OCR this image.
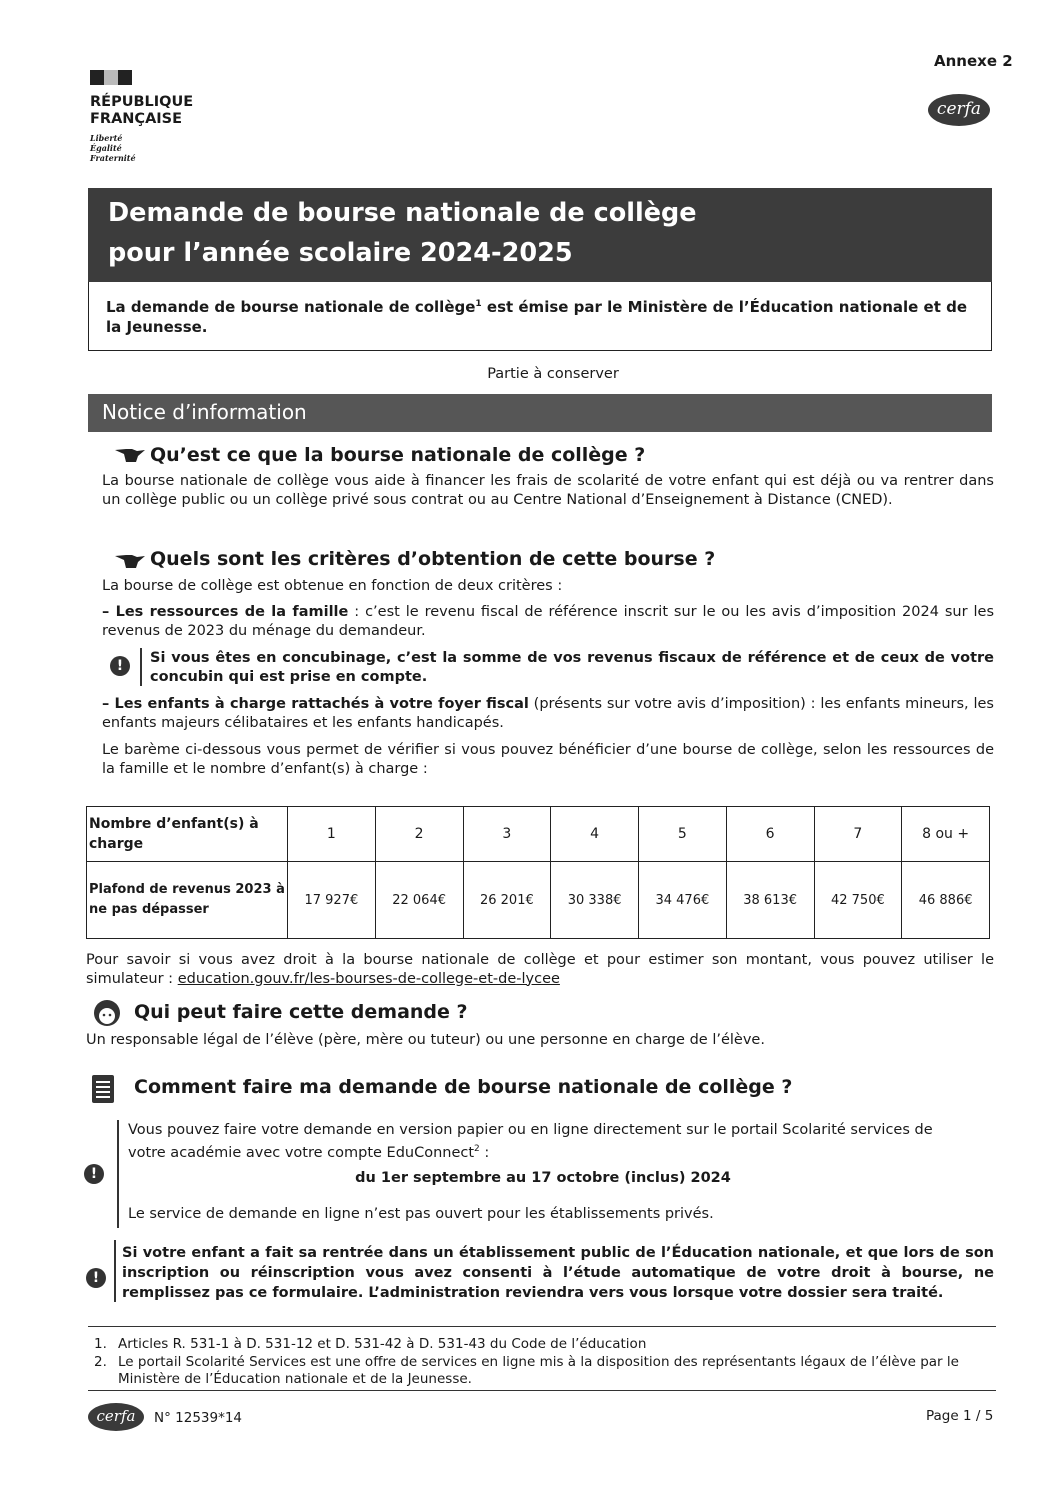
Annexe 2
cerfa
RÉPUBLIQUE
FRANÇAISE
Liberté
Égalité
Fraternité
Demande de bourse nationale de collège
pour l’année scolaire 2024-2025
La demande de bourse nationale de collège$^1$ est émise par le Ministère de l’Éducation nationale et de la Jeunesse.
Partie à conserver
Notice d’information
Qu’est ce que la bourse nationale de collège ?
La bourse nationale de collège vous aide à financer les frais de scolarité de votre enfant qui est déjà ou va rentrer dans un collège public ou un collège privé sous contrat ou au Centre National d’Enseignement à Distance (CNED).
Quels sont les critères d’obtention de cette bourse ?
La bourse de collège est obtenue en fonction de deux critères :
– Les ressources de la famille : c’est le revenu fiscal de référence inscrit sur le ou les avis d’imposition 2024 sur les revenus de 2023 du ménage du demandeur.
!	Si vous êtes en concubinage, c’est la somme de vos revenus fiscaux de référence et de ceux de votre concubin qui est prise en compte.
– Les enfants à charge rattachés à votre foyer fiscal (présents sur votre avis d’imposition) : les enfants mineurs, les enfants majeurs célibataires et les enfants handicapés.
Le barème ci-dessous vous permet de vérifier si vous pouvez bénéficier d’une bourse de collège, selon les ressources de la famille et le nombre d’enfant(s) à charge :
Nombre d’enfant(s) à charge	1	2	3	4	5	6	7	8 ou +
Plafond de revenus 2023 à ne pas dépasser	17 927€	22 064€	26 201€	30 338€	34 476€	38 613€	42 750€	46 886€
Pour savoir si vous avez droit à la bourse nationale de collège et pour estimer son montant, vous pouvez utiliser le simulateur : education.gouv.fr/les-bourses-de-college-et-de-lycee
Qui peut faire cette demande ?
Un responsable légal de l’élève (père, mère ou tuteur) ou une personne en charge de l’élève.
Comment faire ma demande de bourse nationale de collège ?
!
Vous pouvez faire votre demande en version papier ou en ligne directement sur le portail Scolarité services de votre académie avec votre compte EduConnect$^2$ :
du 1er septembre au 17 octobre (inclus) 2024
Le service de demande en ligne n’est pas ouvert pour les établissements privés.
!
Si votre enfant a fait sa rentrée dans un établissement public de l’Éducation nationale, et que lors de son inscription ou réinscription vous avez consenti à l’étude automatique de votre droit à bourse, ne remplissez pas ce formulaire. L’administration reviendra vers vous lorsque votre dossier sera traité.
1. Articles R. 531-1 à D. 531-12 et D. 531-42 à D. 531-43 du Code de l’éducation
2. Le portail Scolarité Services est une offre de services en ligne mis à la disposition des représentants légaux de l’élève par le Ministère de l’Éducation nationale et de la Jeunesse.
cerfa	N° 12539*14	Page 1 / 5
